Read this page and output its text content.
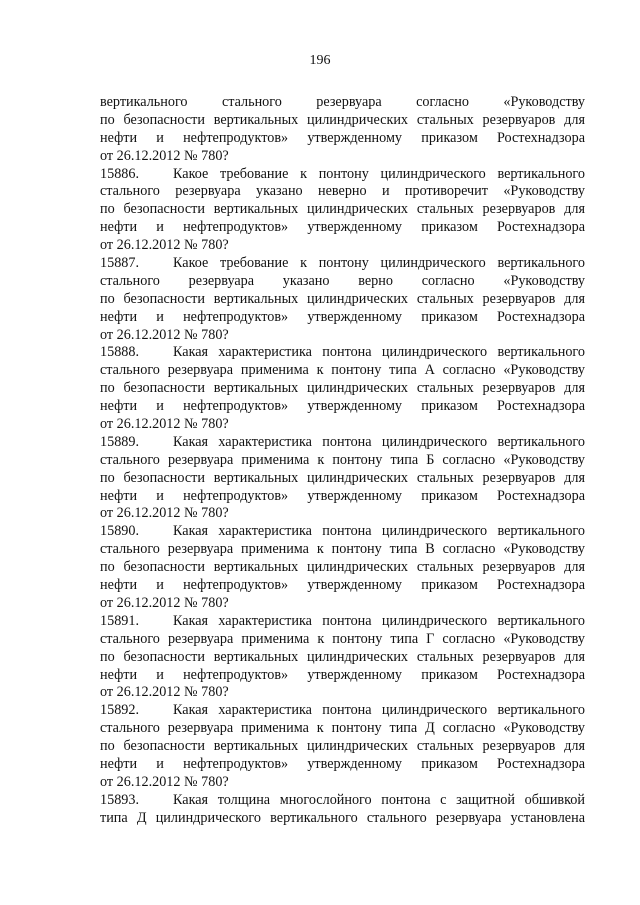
196
вертикального стального резервуара согласно «Руководству
по безопасности вертикальных цилиндрических стальных резервуаров для
нефти и нефтепродуктов» утвержденному приказом Ростехнадзора
от 26.12.2012 № 780?
15886.	Какое требование к понтону цилиндрического вертикального
стального резервуара указано неверно и противоречит «Руководству
по безопасности вертикальных цилиндрических стальных резервуаров для
нефти и нефтепродуктов» утвержденному приказом Ростехнадзора
от 26.12.2012 № 780?
15887.	Какое требование к понтону цилиндрического вертикального
стального резервуара указано верно согласно «Руководству
по безопасности вертикальных цилиндрических стальных резервуаров для
нефти и нефтепродуктов» утвержденному приказом Ростехнадзора
от 26.12.2012 № 780?
15888.	Какая характеристика понтона цилиндрического вертикального
стального резервуара применима к понтону типа А согласно «Руководству
по безопасности вертикальных цилиндрических стальных резервуаров для
нефти и нефтепродуктов» утвержденному приказом Ростехнадзора
от 26.12.2012 № 780?
15889.	Какая характеристика понтона цилиндрического вертикального
стального резервуара применима к понтону типа Б согласно «Руководству
по безопасности вертикальных цилиндрических стальных резервуаров для
нефти и нефтепродуктов» утвержденному приказом Ростехнадзора
от 26.12.2012 № 780?
15890.	Какая характеристика понтона цилиндрического вертикального
стального резервуара применима к понтону типа В согласно «Руководству
по безопасности вертикальных цилиндрических стальных резервуаров для
нефти и нефтепродуктов» утвержденному приказом Ростехнадзора
от 26.12.2012 № 780?
15891.	Какая характеристика понтона цилиндрического вертикального
стального резервуара применима к понтону типа Г согласно «Руководству
по безопасности вертикальных цилиндрических стальных резервуаров для
нефти и нефтепродуктов» утвержденному приказом Ростехнадзора
от 26.12.2012 № 780?
15892.	Какая характеристика понтона цилиндрического вертикального
стального резервуара применима к понтону типа Д согласно «Руководству
по безопасности вертикальных цилиндрических стальных резервуаров для
нефти и нефтепродуктов» утвержденному приказом Ростехнадзора
от 26.12.2012 № 780?
15893.	Какая толщина многослойного понтона с защитной обшивкой
типа Д цилиндрического вертикального стального резервуара установлена
